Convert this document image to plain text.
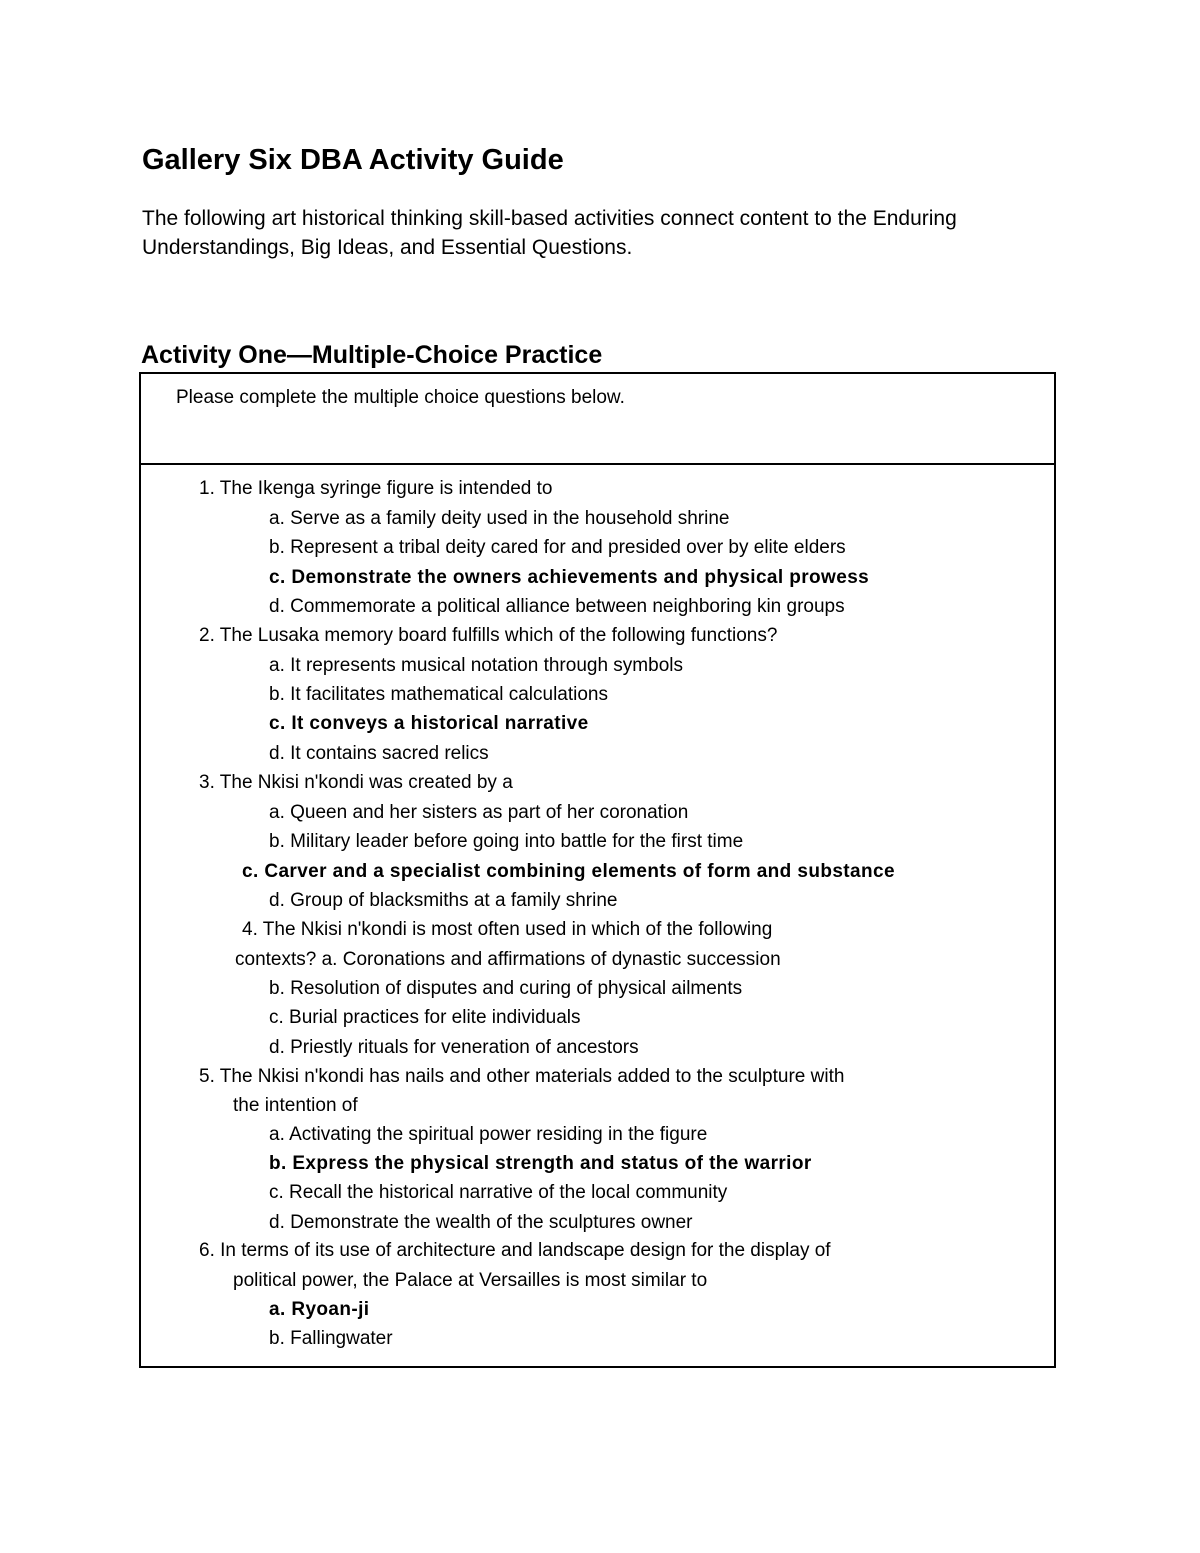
Gallery Six DBA Activity Guide
The following art historical thinking skill-based activities connect content to the Enduring
Understandings, Big Ideas, and Essential Questions.
Activity One—Multiple-Choice Practice
Please complete the multiple choice questions below.
1. The Ikenga syringe figure is intended to
a. Serve as a family deity used in the household shrine
b. Represent a tribal deity cared for and presided over by elite elders
c. Demonstrate the owners achievements and physical prowess
d. Commemorate a political alliance between neighboring kin groups
2. The Lusaka memory board fulfills which of the following functions?
a. It represents musical notation through symbols
b. It facilitates mathematical calculations
c. It conveys a historical narrative
d. It contains sacred relics
3. The Nkisi n'kondi was created by a
a. Queen and her sisters as part of her coronation
b. Military leader before going into battle for the first time
c. Carver and a specialist combining elements of form and substance
d. Group of blacksmiths at a family shrine
4. The Nkisi n'kondi is most often used in which of the following
contexts? a. Coronations and affirmations of dynastic succession
b. Resolution of disputes and curing of physical ailments
c. Burial practices for elite individuals
d. Priestly rituals for veneration of ancestors
5. The Nkisi n'kondi has nails and other materials added to the sculpture with
the intention of
a. Activating the spiritual power residing in the figure
b. Express the physical strength and status of the warrior
c. Recall the historical narrative of the local community
d. Demonstrate the wealth of the sculptures owner
6. In terms of its use of architecture and landscape design for the display of
political power, the Palace at Versailles is most similar to
a. Ryoan-ji
b. Fallingwater
